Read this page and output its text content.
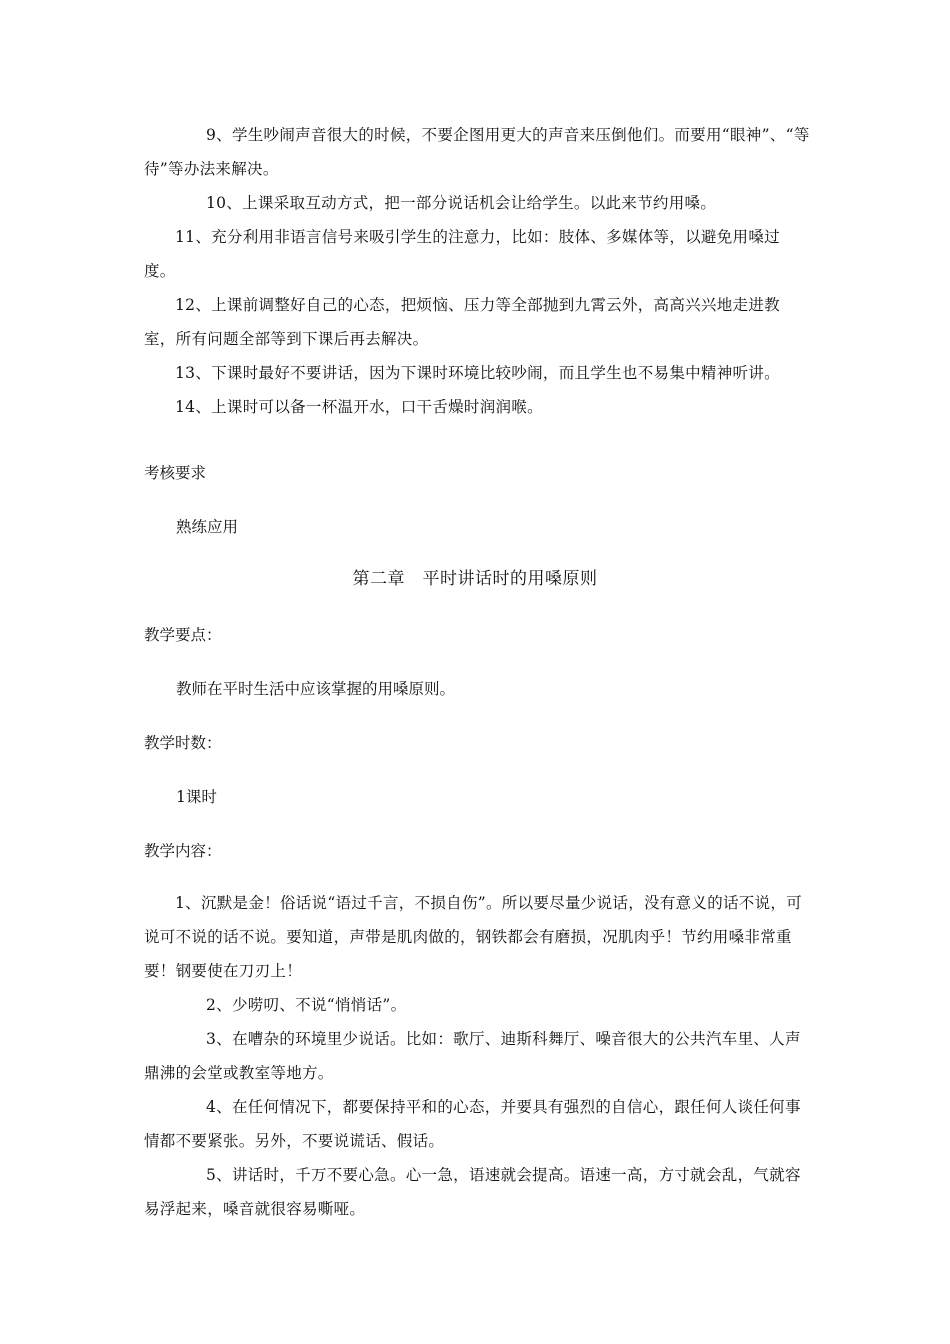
9、学生吵闹声音很大的时候，不要企图用更大的声音来压倒他们。而要用“眼神”、“等待”等办法来解决。

10、上课采取互动方式，把一部分说话机会让给学生。以此来节约用嗓。

11、充分利用非语言信号来吸引学生的注意力，比如：肢体、多媒体等，以避免用嗓过度。

12、上课前调整好自己的心态，把烦恼、压力等全部抛到九霄云外，高高兴兴地走进教室，所有问题全部等到下课后再去解决。

13、下课时最好不要讲话，因为下课时环境比较吵闹，而且学生也不易集中精神听讲。

14、上课时可以备一杯温开水，口干舌燥时润润喉。

考核要求

熟练应用

第二章　平时讲话时的用嗓原则

教学要点：

教师在平时生活中应该掌握的用嗓原则。

教学时数：

1课时

教学内容：

1、沉默是金！俗话说“语过千言，不损自伤”。所以要尽量少说话，没有意义的话不说，可说可不说的话不说。要知道，声带是肌肉做的，钢铁都会有磨损，况肌肉乎！节约用嗓非常重要！钢要使在刀刃上！

2、少唠叨、不说“悄悄话”。

3、在嘈杂的环境里少说话。比如：歌厅、迪斯科舞厅、噪音很大的公共汽车里、人声鼎沸的会堂或教室等地方。

4、在任何情况下，都要保持平和的心态，并要具有强烈的自信心，跟任何人谈任何事情都不要紧张。另外，不要说谎话、假话。

5、讲话时，千万不要心急。心一急，语速就会提高。语速一高，方寸就会乱，气就容易浮起来，嗓音就很容易嘶哑。
